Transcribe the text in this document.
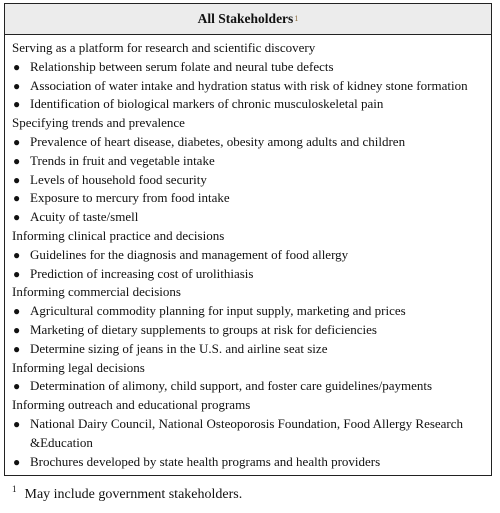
All Stakeholders 1
Serving as a platform for research and scientific discovery
● Relationship between serum folate and neural tube defects
● Association of water intake and hydration status with risk of kidney stone formation
● Identification of biological markers of chronic musculoskeletal pain
Specifying trends and prevalence
● Prevalence of heart disease, diabetes, obesity among adults and children
● Trends in fruit and vegetable intake
● Levels of household food security
● Exposure to mercury from food intake
● Acuity of taste/smell
Informing clinical practice and decisions
● Guidelines for the diagnosis and management of food allergy
● Prediction of increasing cost of urolithiasis
Informing commercial decisions
● Agricultural commodity planning for input supply, marketing and prices
● Marketing of dietary supplements to groups at risk for deficiencies
● Determine sizing of jeans in the U.S. and airline seat size
Informing legal decisions
● Determination of alimony, child support, and foster care guidelines/payments
Informing outreach and educational programs
● National Dairy Council, National Osteoporosis Foundation, Food Allergy Research &Education
● Brochures developed by state health programs and health providers
$^1$ May include government stakeholders.
